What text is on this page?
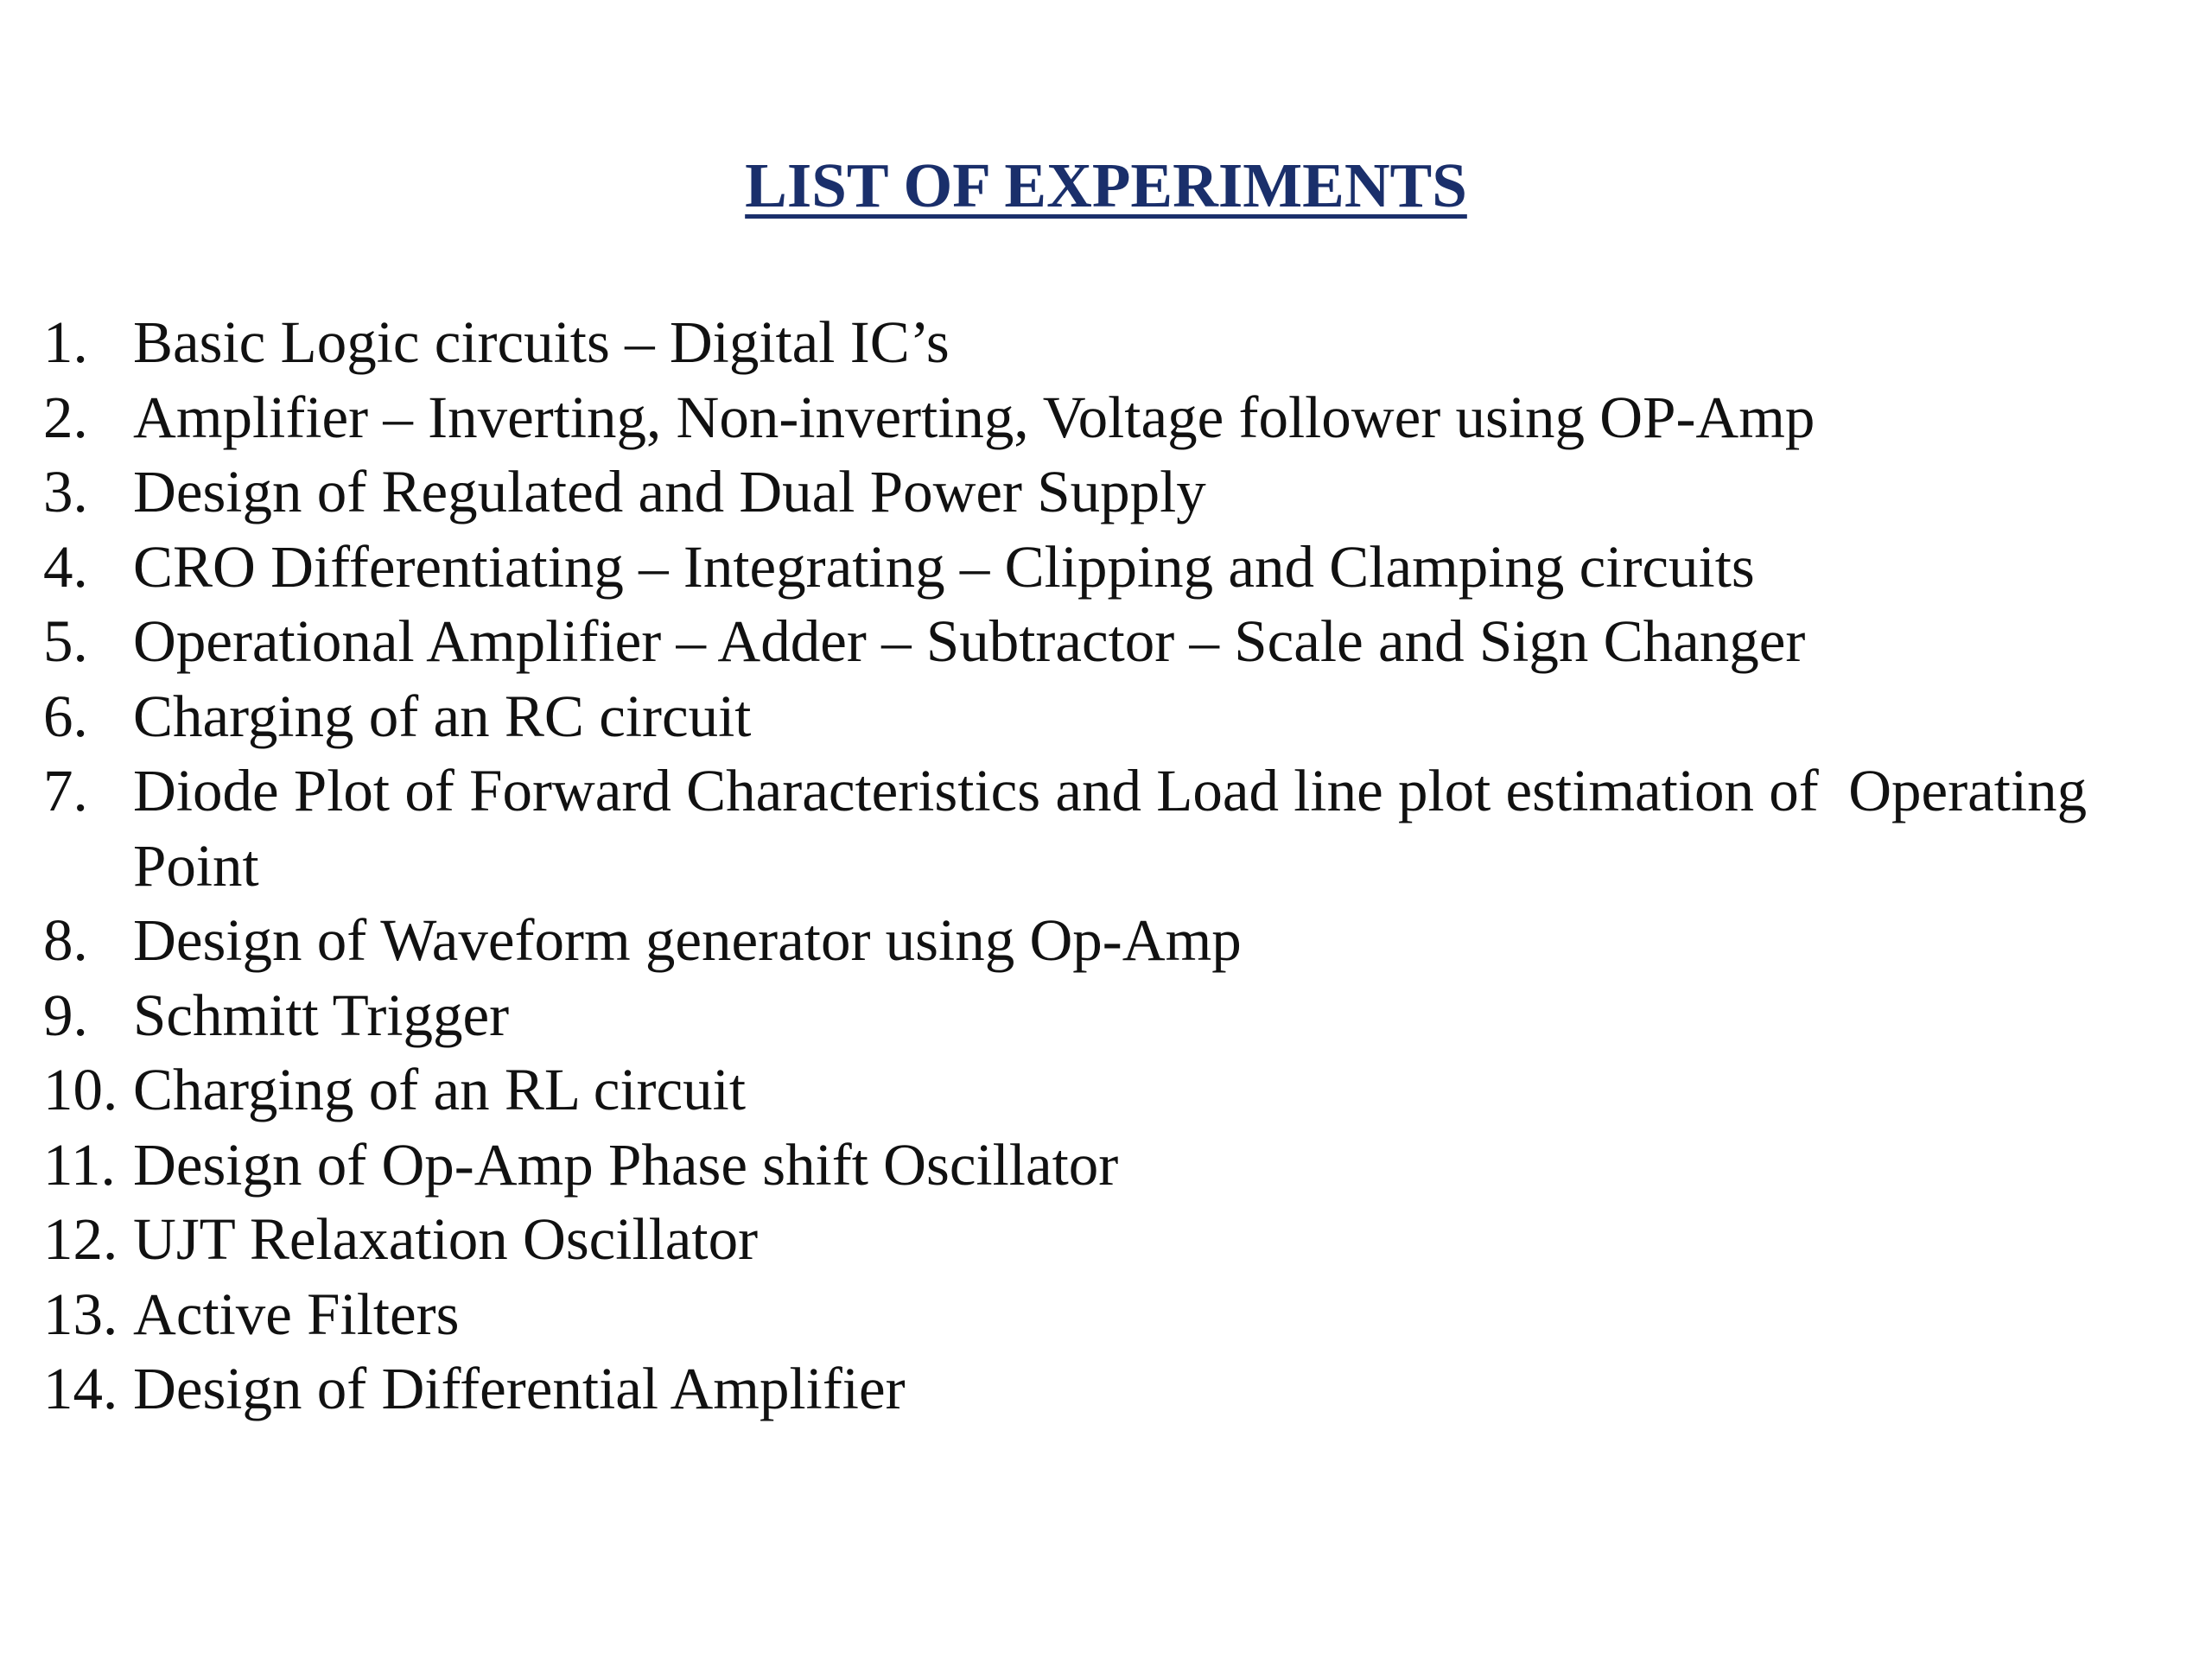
LIST OF EXPERIMENTS
1. Basic Logic circuits – Digital IC’s
2. Amplifier – Inverting, Non-inverting, Voltage follower using OP-Amp
3. Design of Regulated and Dual Power Supply
4. CRO Differentiating – Integrating – Clipping and Clamping circuits
5. Operational Amplifier – Adder – Subtractor – Scale and Sign Changer
6. Charging of an RC circuit
7. Diode Plot of Forward Characteristics and Load line plot estimation of  Operating Point
8. Design of Waveform generator using Op-Amp
9. Schmitt Trigger
10. Charging of an RL circuit
11. Design of Op-Amp Phase shift Oscillator
12. UJT Relaxation Oscillator
13. Active Filters
14. Design of Differential Amplifier
